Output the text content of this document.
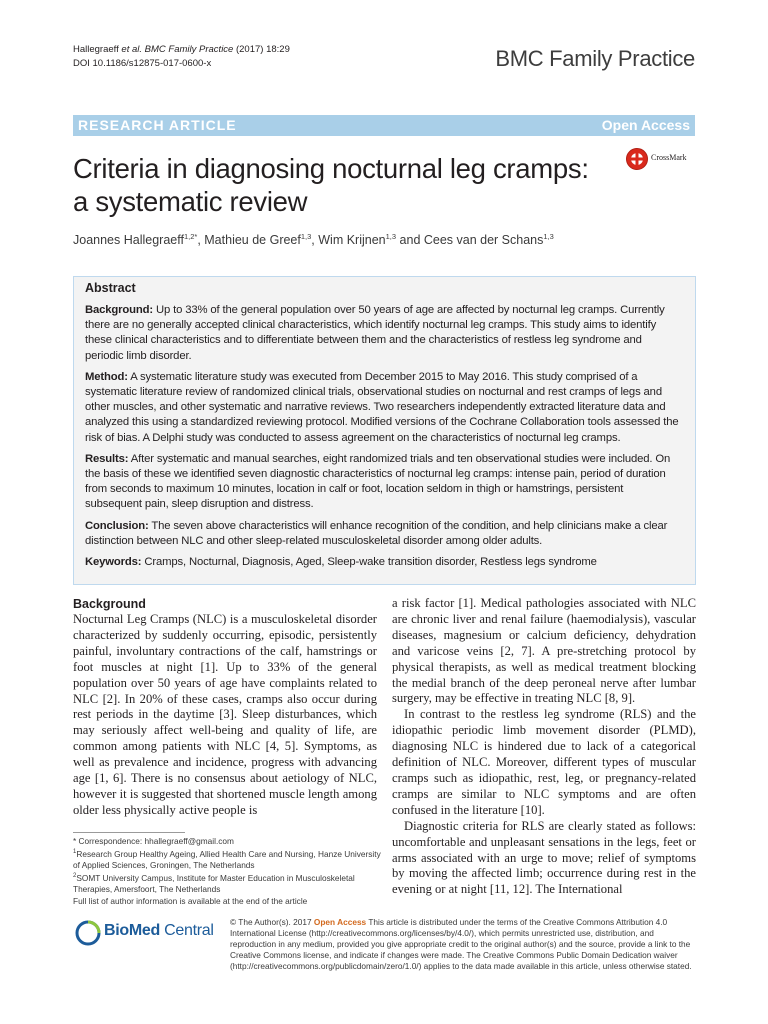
Hallegraeff et al. BMC Family Practice (2017) 18:29
DOI 10.1186/s12875-017-0600-x	BMC Family Practice
RESEARCH ARTICLE	Open Access
Criteria in diagnosing nocturnal leg cramps:
a systematic review
CrossMark
Joannes Hallegraeff$^{1,2*}$, Mathieu de Greef$^{1,3}$, Wim Krijnen$^{1,3}$ and Cees van der Schans$^{1,3}$
Abstract

Background: Up to 33% of the general population over 50 years of age are affected by nocturnal leg cramps. Currently there are no generally accepted clinical characteristics, which identify nocturnal leg cramps. This study aims to identify these clinical characteristics and to differentiate between them and the characteristics of restless leg syndrome and periodic limb disorder.

Method: A systematic literature study was executed from December 2015 to May 2016. This study comprised of a systematic literature review of randomized clinical trials, observational studies on nocturnal and rest cramps of legs and other muscles, and other systematic and narrative reviews. Two researchers independently extracted literature data and analyzed this using a standardized reviewing protocol. Modified versions of the Cochrane Collaboration tools assessed the risk of bias. A Delphi study was conducted to assess agreement on the characteristics of nocturnal leg cramps.

Results: After systematic and manual searches, eight randomized trials and ten observational studies were included. On the basis of these we identified seven diagnostic characteristics of nocturnal leg cramps: intense pain, period of duration from seconds to maximum 10 minutes, location in calf or foot, location seldom in thigh or hamstrings, persistent subsequent pain, sleep disruption and distress.

Conclusion: The seven above characteristics will enhance recognition of the condition, and help clinicians make a clear distinction between NLC and other sleep-related musculoskeletal disorder among older adults.

Keywords: Cramps, Nocturnal, Diagnosis, Aged, Sleep-wake transition disorder, Restless legs syndrome

Background

Nocturnal Leg Cramps (NLC) is a musculoskeletal disorder characterized by suddenly occurring, episodic, persistently painful, involuntary contractions of the calf, hamstrings or foot muscles at night [1]. Up to 33% of the general population over 50 years of age have complaints related to NLC [2]. In 20% of these cases, cramps also occur during rest periods in the daytime [3]. Sleep disturbances, which may seriously affect well-being and quality of life, are common among patients with NLC [4, 5]. Symptoms, as well as prevalence and incidence, progress with advancing age [1, 6]. There is no consensus about aetiology of NLC, however it is suggested that shortened muscle length among older less physically active people is

a risk factor [1]. Medical pathologies associated with NLC are chronic liver and renal failure (haemodialysis), vascular diseases, magnesium or calcium deficiency, dehydration and varicose veins [2, 7]. A pre-stretching protocol by physical therapists, as well as medical treatment blocking the medial branch of the deep peroneal nerve after lumbar surgery, may be effective in treating NLC [8, 9].

In contrast to the restless leg syndrome (RLS) and the idiopathic periodic limb movement disorder (PLMD), diagnosing NLC is hindered due to lack of a categorical definition of NLC. Moreover, different types of muscular cramps such as idiopathic, rest, leg, or pregnancy-related cramps are similar to NLC symptoms and are often confused in the literature [10].

Diagnostic criteria for RLS are clearly stated as follows: uncomfortable and unpleasant sensations in the legs, feet or arms associated with an urge to move; relief of symptoms by moving the affected limb; occurrence during rest in the evening or at night [11, 12]. The International

* Correspondence: hhallegraeff@gmail.com
$^1$Research Group Healthy Ageing, Allied Health Care and Nursing, Hanze University of Applied Sciences, Groningen, The Netherlands
$^2$SOMT University Campus, Institute for Master Education in Musculoskeletal Therapies, Amersfoort, The Netherlands
Full list of author information is available at the end of the article
BioMed Central © The Author(s). 2017 Open Access This article is distributed under the terms of the Creative Commons Attribution 4.0 International License (http://creativecommons.org/licenses/by/4.0/), which permits unrestricted use, distribution, and reproduction in any medium, provided you give appropriate credit to the original author(s) and the source, provide a link to the Creative Commons license, and indicate if changes were made. The Creative Commons Public Domain Dedication waiver (http://creativecommons.org/publicdomain/zero/1.0/) applies to the data made available in this article, unless otherwise stated.
